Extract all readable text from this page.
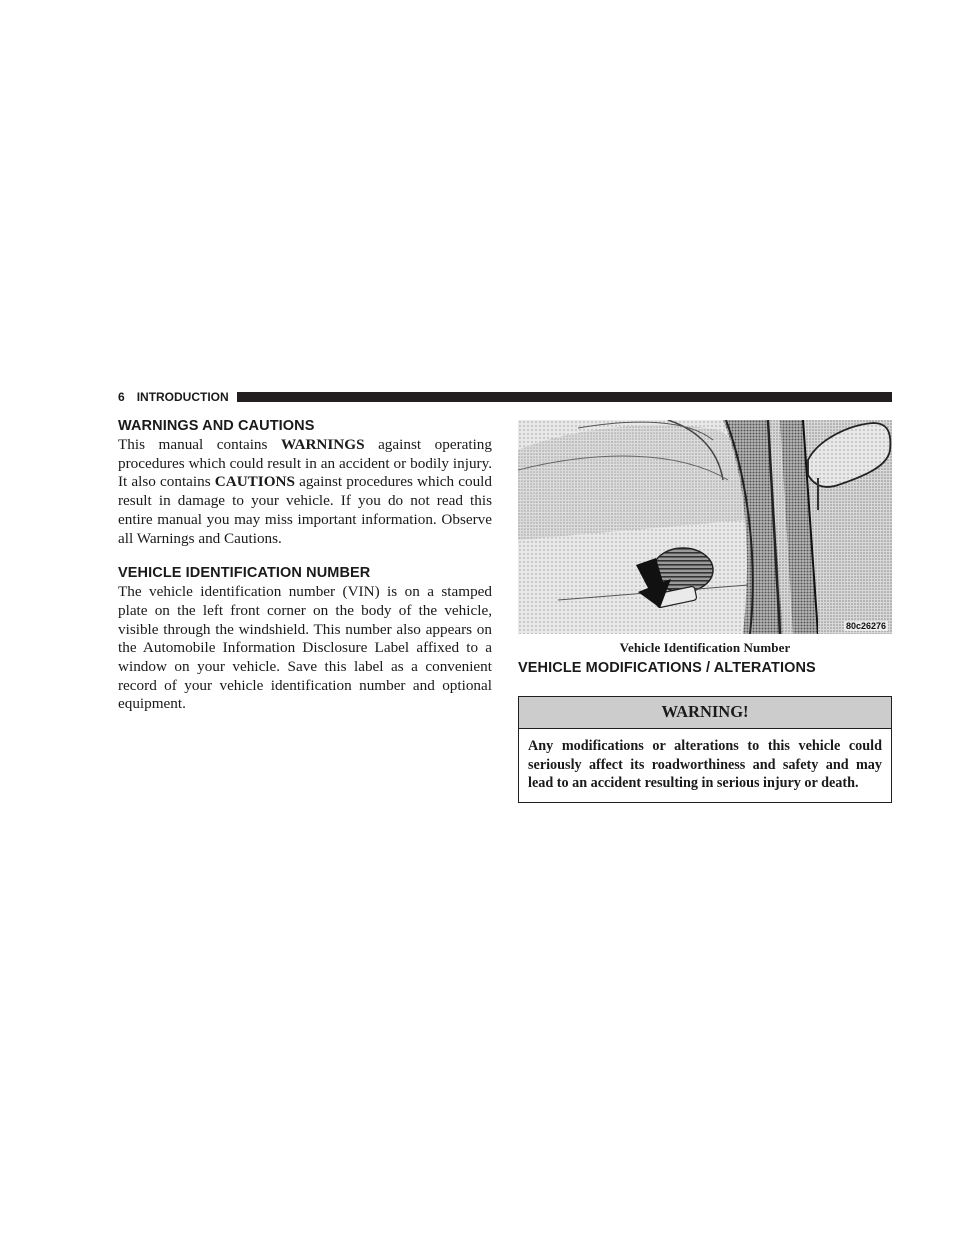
6 INTRODUCTION
WARNINGS AND CAUTIONS

This manual contains WARNINGS against operating procedures which could result in an accident or bodily injury. It also contains CAUTIONS against procedures which could result in damage to your vehicle. If you do not read this entire manual you may miss important information. Observe all Warnings and Cautions.

VEHICLE IDENTIFICATION NUMBER

The vehicle identification number (VIN) is on a stamped plate on the left front corner on the body of the vehicle, visible through the windshield. This number also appears on the Automobile Information Disclosure Label affixed to a window on your vehicle. Save this label as a convenient record of your vehicle identification number and optional equipment.

80c26276
Vehicle Identification Number
VEHICLE MODIFICATIONS / ALTERATIONS
WARNING!
Any modifications or alterations to this vehicle could seriously affect its roadworthiness and safety and may lead to an accident resulting in serious injury or death.
